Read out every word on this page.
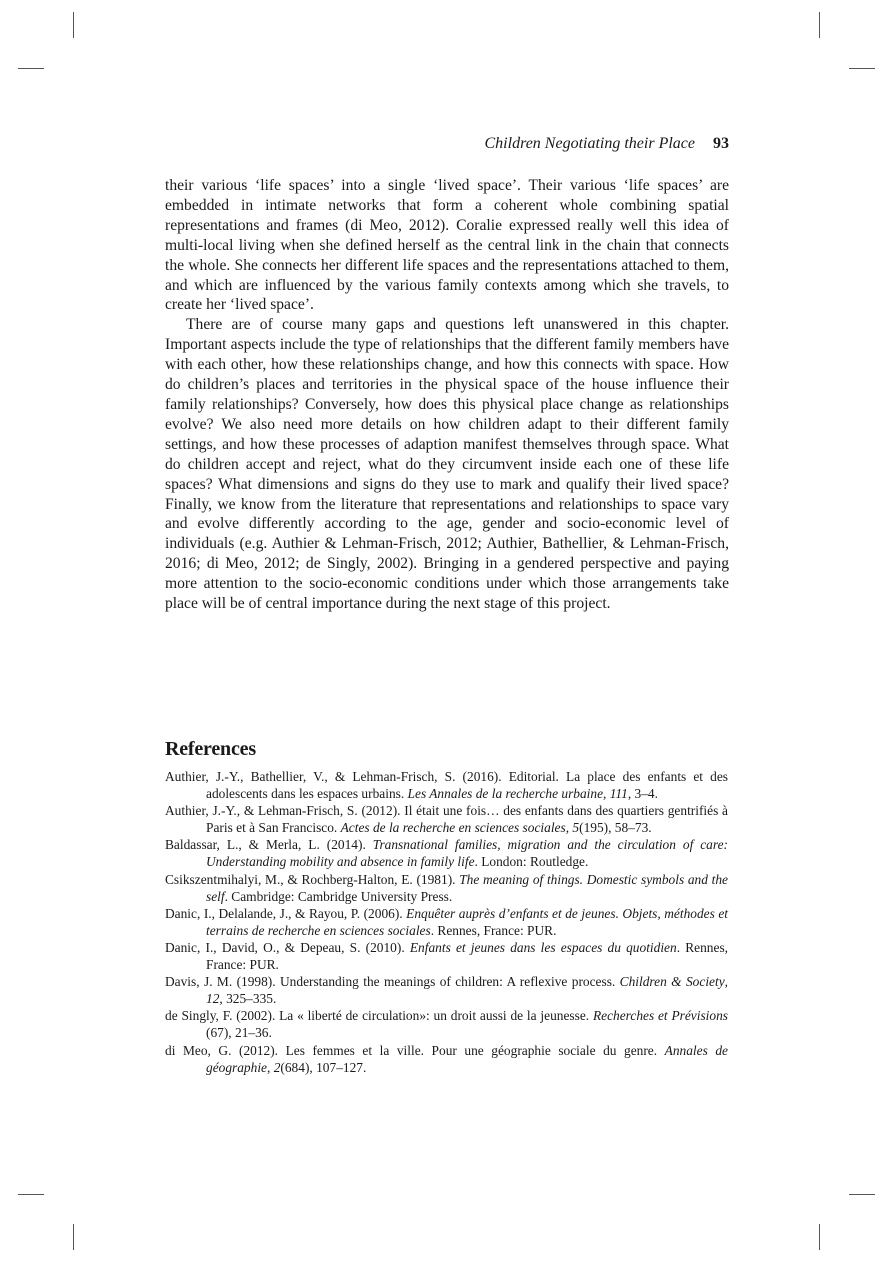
Children Negotiating their Place 93

their various ‘life spaces’ into a single ‘lived space’. Their various ‘life spaces’ are embedded in intimate networks that form a coherent whole combining spatial representations and frames (di Meo, 2012). Coralie expressed really well this idea of multi-local living when she defined herself as the central link in the chain that connects the whole. She connects her different life spaces and the representations attached to them, and which are influenced by the various family contexts among which she travels, to create her ‘lived space’.

There are of course many gaps and questions left unanswered in this chapter. Important aspects include the type of relationships that the different family members have with each other, how these relationships change, and how this connects with space. How do children’s places and territories in the physical space of the house influence their family relationships? Conversely, how does this physical place change as relationships evolve? We also need more details on how children adapt to their different family settings, and how these processes of adaption manifest themselves through space. What do children accept and reject, what do they circumvent inside each one of these life spaces? What dimensions and signs do they use to mark and qualify their lived space? Finally, we know from the literature that representations and relationships to space vary and evolve differently according to the age, gender and socio-economic level of individuals (e.g. Authier & Lehman-Frisch, 2012; Authier, Bathellier, & Lehman-Frisch, 2016; di Meo, 2012; de Singly, 2002). Bringing in a gendered perspective and paying more attention to the socio-economic conditions under which those arrangements take place will be of central importance during the next stage of this project.

References
Authier, J.-Y., Bathellier, V., & Lehman-Frisch, S. (2016). Editorial. La place des enfants et des adolescents dans les espaces urbains. Les Annales de la recherche urbaine, 111, 3–4.
Authier, J.-Y., & Lehman-Frisch, S. (2012). Il était une fois… des enfants dans des quartiers gentrifiés à Paris et à San Francisco. Actes de la recherche en sciences sociales, 5(195), 58–73.
Baldassar, L., & Merla, L. (2014). Transnational families, migration and the circulation of care: Understanding mobility and absence in family life. London: Routledge.
Csikszentmihalyi, M., & Rochberg-Halton, E. (1981). The meaning of things. Domestic symbols and the self. Cambridge: Cambridge University Press.
Danic, I., Delalande, J., & Rayou, P. (2006). Enquêter auprès d’enfants et de jeunes. Objets, méthodes et terrains de recherche en sciences sociales. Rennes, France: PUR.
Danic, I., David, O., & Depeau, S. (2010). Enfants et jeunes dans les espaces du quotidien. Rennes, France: PUR.
Davis, J. M. (1998). Understanding the meanings of children: A reflexive process. Children & Society, 12, 325–335.
de Singly, F. (2002). La « liberté de circulation»: un droit aussi de la jeunesse. Recherches et Prévisions (67), 21–36.
di Meo, G. (2012). Les femmes et la ville. Pour une géographie sociale du genre. Annales de géographie, 2(684), 107–127.
